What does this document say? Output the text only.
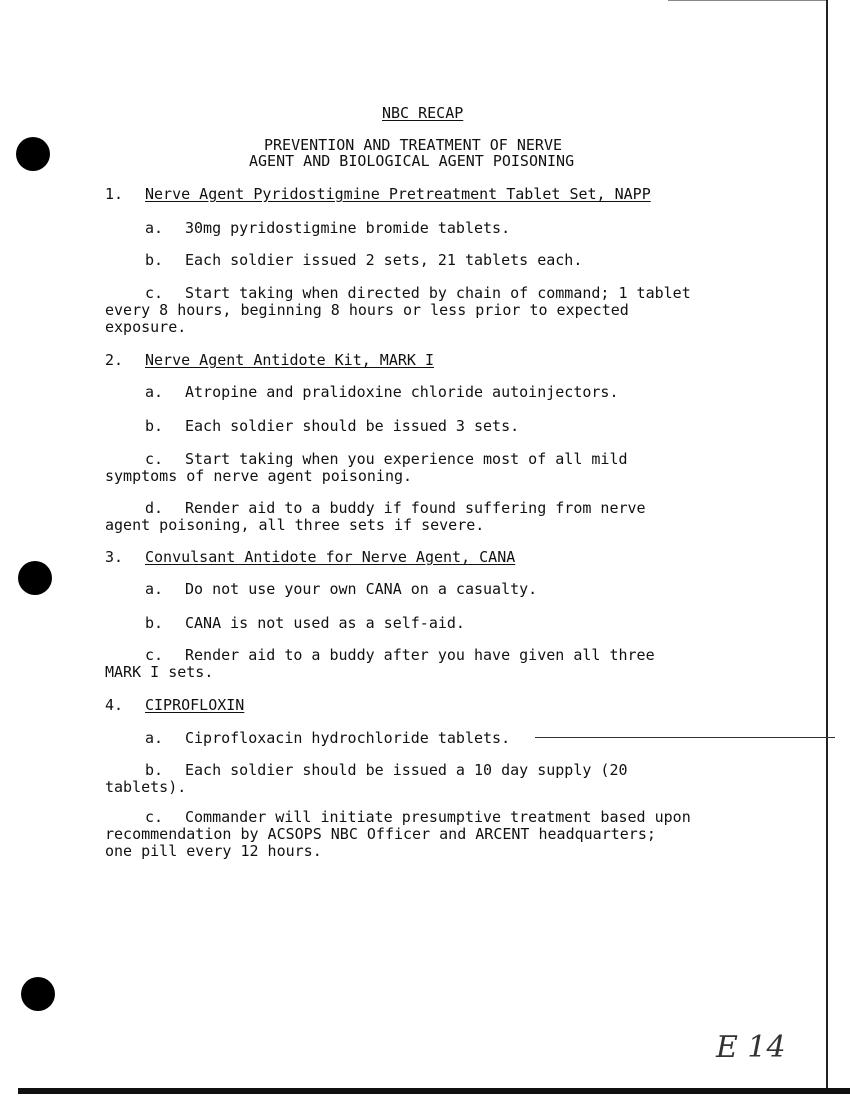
NBC RECAP
PREVENTION AND TREATMENT OF NERVE
AGENT AND BIOLOGICAL AGENT POISONING
1. Nerve Agent Pyridostigmine Pretreatment Tablet Set, NAPP
a. 30mg pyridostigmine bromide tablets.
b. Each soldier issued 2 sets, 21 tablets each.
c. Start taking when directed by chain of command; 1 tablet
every 8 hours, beginning 8 hours or less prior to expected
exposure.
2. Nerve Agent Antidote Kit, MARK I
a. Atropine and pralidoxine chloride autoinjectors.
b. Each soldier should be issued 3 sets.
c. Start taking when you experience most of all mild
symptoms of nerve agent poisoning.
d. Render aid to a buddy if found suffering from nerve
agent poisoning, all three sets if severe.
3. Convulsant Antidote for Nerve Agent, CANA
a. Do not use your own CANA on a casualty.
b. CANA is not used as a self-aid.
c. Render aid to a buddy after you have given all three
MARK I sets.
4. CIPROFLOXIN
a. Ciprofloxacin hydrochloride tablets.
b. Each soldier should be issued a 10 day supply (20
tablets).
c. Commander will initiate presumptive treatment based upon
recommendation by ACSOPS NBC Officer and ARCENT headquarters;
one pill every 12 hours.
E 14
